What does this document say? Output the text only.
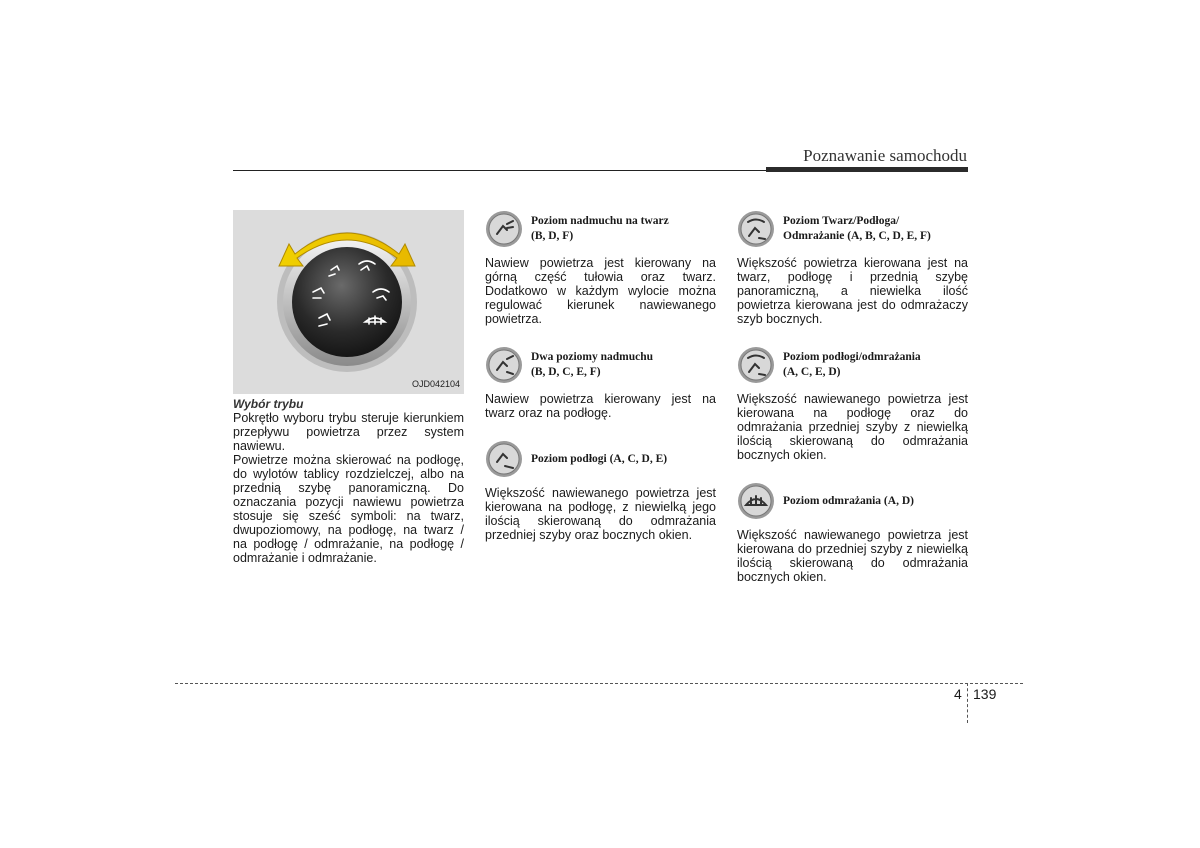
Poznawanie samochodu
OJD042104
Wybór trybu

Pokrętło wyboru trybu steruje kierunkiem przepływu powietrza przez system nawiewu.

Powietrze można skierować na podłogę, do wylotów tablicy rozdzielczej, albo na przednią szybę panoramiczną. Do oznaczania pozycji nawiewu powietrza stosuje się sześć symboli: na twarz, dwupoziomowy, na podłogę, na twarz / na podłogę / odmrażanie, na podłogę / odmrażanie i odmrażanie.

Poziom nadmuchu na twarz
(B, D, F)

Nawiew powietrza jest kierowany na górną część tułowia oraz twarz. Dodatkowo w każdym wylocie można regulować kierunek nawiewanego powietrza.

Dwa poziomy nadmuchu
(B, D, C, E, F)

Nawiew powietrza kierowany jest na twarz oraz na podłogę.

Poziom podłogi (A, C, D, E)

Większość nawiewanego powietrza jest kierowana na podłogę, z niewielką jego ilością skierowaną do odmrażania przedniej szyby oraz bocznych okien.

Poziom Twarz/Podłoga/
Odmrażanie (A, B, C, D, E, F)

Większość powietrza kierowana jest na twarz, podłogę i przednią szybę panoramiczną, a niewielka ilość powietrza kierowana jest do odmrażaczy szyb bocznych.

Poziom podłogi/odmrażania
(A, C, E, D)

Większość nawiewanego powietrza jest kierowana na podłogę oraz do odmrażania przedniej szyby z niewielką ilością skierowaną do odmrażania bocznych okien.

Poziom odmrażania (A, D)

Większość nawiewanego powietrza jest kierowana do przedniej szyby z niewielką ilością skierowaną do odmrażania bocznych okien.

4 139
